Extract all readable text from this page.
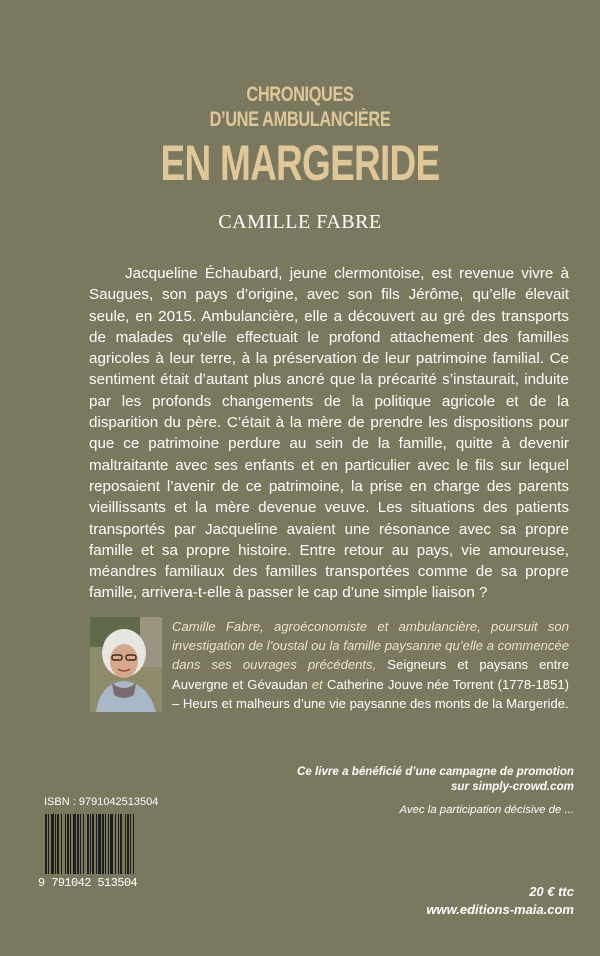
CHRONIQUES
D’UNE AMBULANCIÈRE
EN MARGERIDE
CAMILLE FABRE

Jacqueline Échaubard, jeune clermontoise, est revenue vivre à Saugues, son pays d’origine, avec son fils Jérôme, qu’elle élevait seule, en 2015. Ambulancière, elle a découvert au gré des transports de malades qu’elle effectuait le profond attachement des familles agricoles à leur terre, à la préservation de leur patrimoine familial. Ce sentiment était d’autant plus ancré que la précarité s’instaurait, induite par les profonds changements de la politique agricole et de la disparition du père. C’était à la mère de prendre les dispositions pour que ce patrimoine perdure au sein de la famille, quitte à devenir maltraitante avec ses enfants et en particulier avec le fils sur lequel reposaient l’avenir de ce patrimoine, la prise en charge des parents vieillissants et la mère devenue veuve. Les situations des patients transportés par Jacqueline avaient une résonance avec sa propre famille et sa propre histoire. Entre retour au pays, vie amoureuse, méandres familiaux des familles transportées comme de sa propre famille, arrivera-t-elle à passer le cap d’une simple liaison ?

Camille Fabre, agroéconomiste et ambulancière, poursuit son investigation de l’oustal ou la famille paysanne qu’elle a commencée dans ses ouvrages précédents, Seigneurs et paysans entre Auvergne et Gévaudan et Catherine Jouve née Torrent (1778-1851) – Heurs et malheurs d’une vie paysanne des monts de la Margeride.

Ce livre a bénéficié d’une campagne de promotion
sur simply-crowd.com
Avec la participation décisive de ...
ISBN : 9791042513504
9 791042 513504
20 € ttc
www.editions-maia.com
